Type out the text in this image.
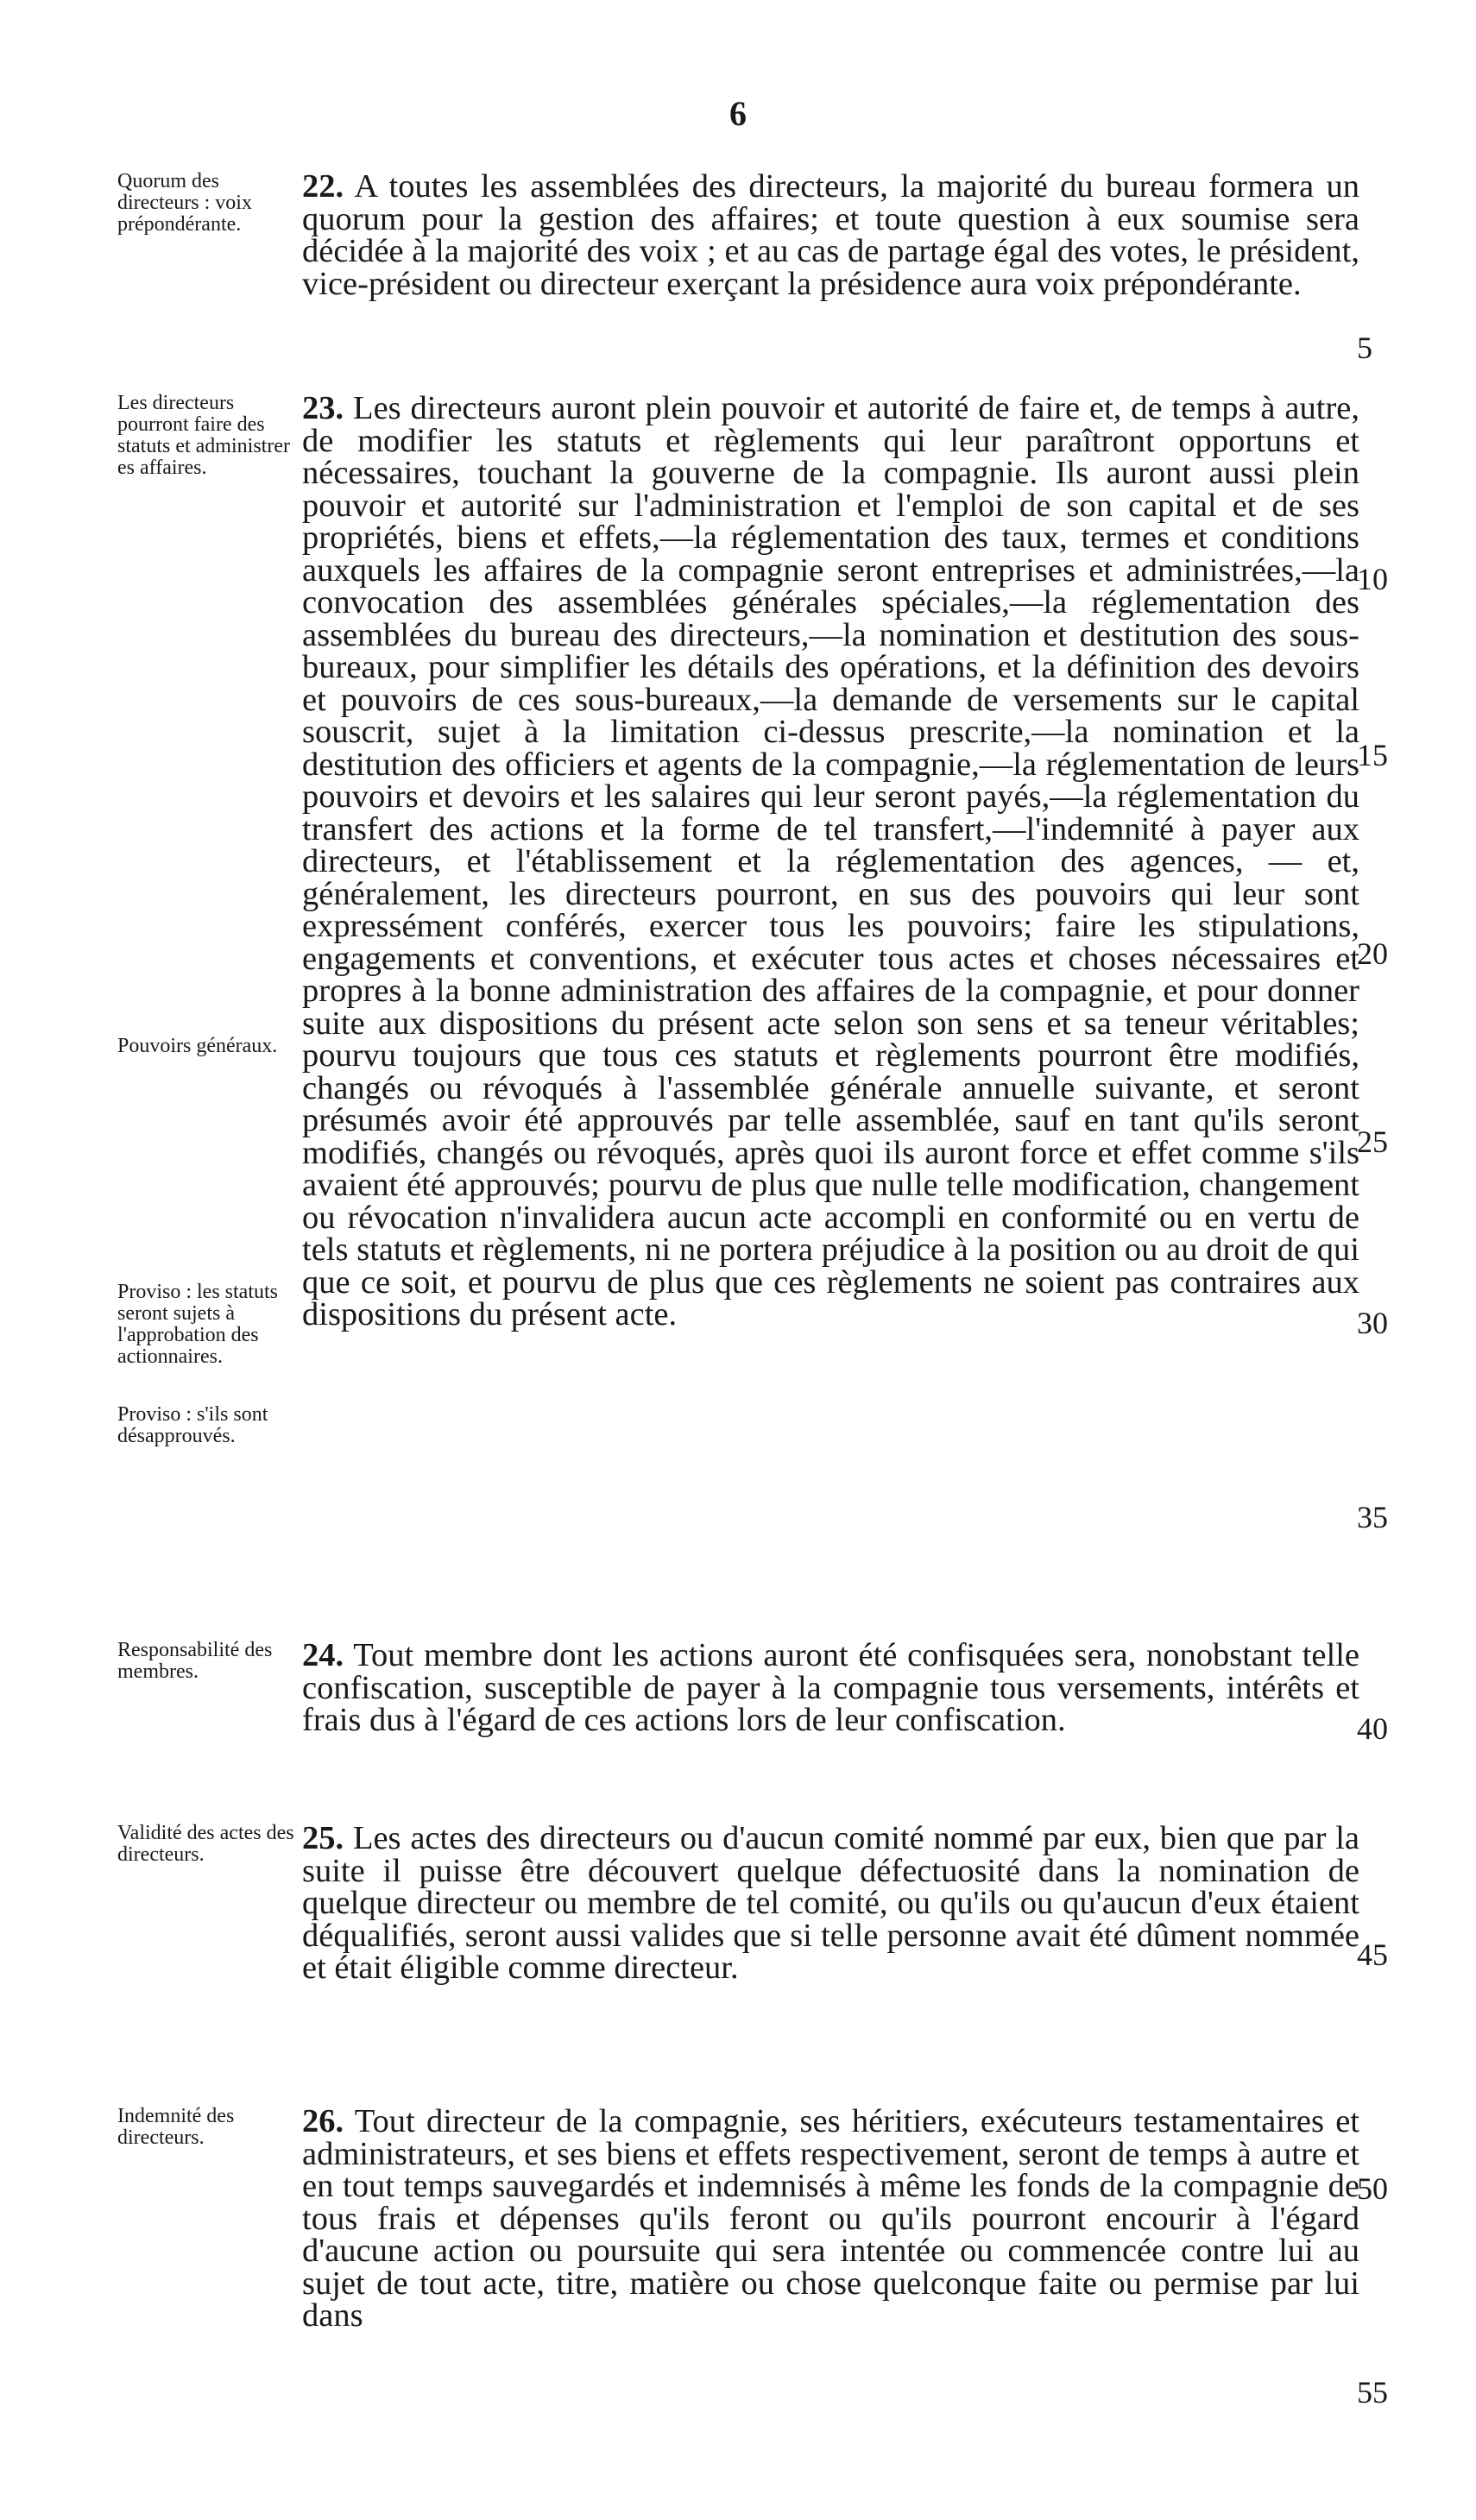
6

Quorum des directeurs : voix prépondérante.

22. A toutes les assemblées des directeurs, la majorité du bureau formera un quorum pour la gestion des affaires; et toute question à eux soumise sera décidée à la majorité des voix ; et au cas de partage égal des votes, le président, vice-président ou directeur exerçant la présidence aura voix prépondérante.

Les directeurs pourront faire des statuts et administrer es affaires.

Pouvoirs généraux.

Proviso : les statuts seront sujets à l'approbation des actionnaires.

Proviso : s'ils sont désapprouvés.

23. Les directeurs auront plein pouvoir et autorité de faire et, de temps à autre, de modifier les statuts et règlements qui leur paraîtront opportuns et nécessaires, touchant la gouverne de la compagnie. Ils auront aussi plein pouvoir et autorité sur l'administration et l'emploi de son capital et de ses propriétés, biens et effets,—la réglementation des taux, termes et conditions auxquels les affaires de la compagnie seront entreprises et administrées,—la convocation des assemblées générales spéciales,—la réglementation des assemblées du bureau des directeurs,—la nomination et destitution des sous-bureaux, pour simplifier les détails des opérations, et la définition des devoirs et pouvoirs de ces sous-bureaux,—la demande de versements sur le capital souscrit, sujet à la limitation ci-dessus prescrite,—la nomination et la destitution des officiers et agents de la compagnie,—la réglementation de leurs pouvoirs et devoirs et les salaires qui leur seront payés,—la réglementation du transfert des actions et la forme de tel transfert,—l'indemnité à payer aux directeurs, et l'établissement et la réglementation des agences, — et, généralement, les directeurs pourront, en sus des pouvoirs qui leur sont expressément conférés, exercer tous les pouvoirs; faire les stipulations, engagements et conventions, et exécuter tous actes et choses nécessaires et propres à la bonne administration des affaires de la compagnie, et pour donner suite aux dispositions du présent acte selon son sens et sa teneur véritables; pourvu toujours que tous ces statuts et règlements pourront être modifiés, changés ou révoqués à l'assemblée générale annuelle suivante, et seront présumés avoir été approuvés par telle assemblée, sauf en tant qu'ils seront modifiés, changés ou révoqués, après quoi ils auront force et effet comme s'ils avaient été approuvés; pourvu de plus que nulle telle modification, changement ou révocation n'invalidera aucun acte accompli en conformité ou en vertu de tels statuts et règlements, ni ne portera préjudice à la position ou au droit de qui que ce soit, et pourvu de plus que ces règlements ne soient pas contraires aux dispositions du présent acte.

Responsabilité des membres.	24. Tout membre dont les actions auront été confisquées sera, nonobstant telle confiscation, susceptible de payer à la compagnie tous versements, intérêts et frais dus à l'égard de ces actions lors de leur confiscation.

Validité des actes des directeurs.	25. Les actes des directeurs ou d'aucun comité nommé par eux, bien que par la suite il puisse être découvert quelque défectuosité dans la nomination de quelque directeur ou membre de tel comité, ou qu'ils ou qu'aucun d'eux étaient déqualifiés, seront aussi valides que si telle personne avait été dûment nommée et était éligible comme directeur.

Indemnité des directeurs.	26. Tout directeur de la compagnie, ses héritiers, exécuteurs testamentaires et administrateurs, et ses biens et effets respectivement, seront de temps à autre et en tout temps sauvegardés et indemnisés à même les fonds de la compagnie de tous frais et dépenses qu'ils feront ou qu'ils pourront encourir à l'égard d'aucune action ou poursuite qui sera intentée ou commencée contre lui au sujet de tout acte, titre, matière ou chose quelconque faite ou permise par lui dans
5
10
15
20
25
30
35
40
45
50
55
